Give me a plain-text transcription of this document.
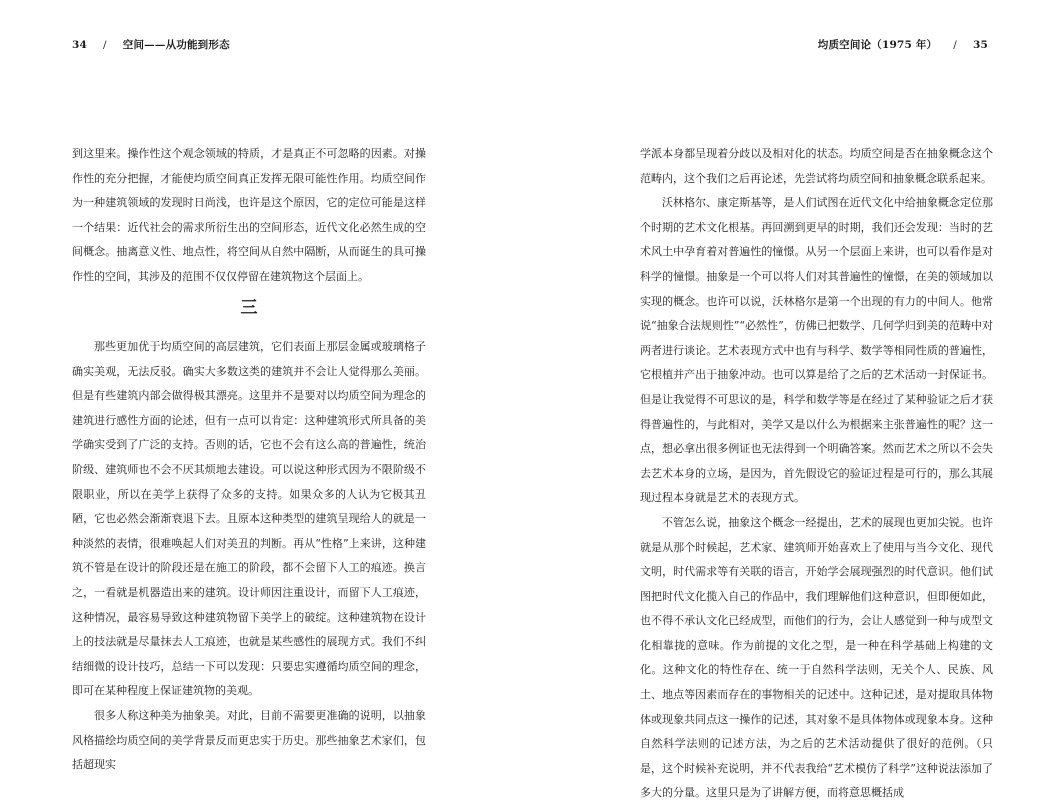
34 / 空间——从功能到形态

到这里来。操作性这个观念领域的特质，才是真正不可忽略的因素。对操作性的充分把握，才能使均质空间真正发挥无限可能性作用。均质空间作为一种建筑领域的发现时日尚浅，也许是这个原因，它的定位可能是这样一个结果：近代社会的需求所衍生出的空间形态，近代文化必然生成的空间概念。抽离意义性、地点性，将空间从自然中隔断，从而诞生的具可操作性的空间，其涉及的范围不仅仅停留在建筑物这个层面上。

三

那些更加优于均质空间的高层建筑，它们表面上那层金属或玻璃格子确实美观，无法反驳。确实大多数这类的建筑并不会让人觉得那么美丽。但是有些建筑内部会做得极其漂亮。这里并不是要对以均质空间为理念的建筑进行感性方面的论述，但有一点可以肯定：这种建筑形式所具备的美学确实受到了广泛的支持。否则的话，它也不会有这么高的普遍性，统治阶级、建筑师也不会不厌其烦地去建设。可以说这种形式因为不限阶级不限职业，所以在美学上获得了众多的支持。如果众多的人认为它极其丑陋，它也必然会渐渐衰退下去。且原本这种类型的建筑呈现给人的就是一种淡然的表情，很难唤起人们对美丑的判断。再从“性格”上来讲，这种建筑不管是在设计的阶段还是在施工的阶段，都不会留下人工的痕迹。换言之，一看就是机器造出来的建筑。设计师因注重设计，而留下人工痕迹，这种情况，最容易导致这种建筑物留下美学上的破绽。这种建筑物在设计上的技法就是尽量抹去人工痕迹，也就是某些感性的展现方式。我们不纠结细微的设计技巧，总结一下可以发现：只要忠实遵循均质空间的理念，即可在某种程度上保证建筑物的美观。

很多人称这种美为抽象美。对此，目前不需要更准确的说明，以抽象风格描绘均质空间的美学背景反而更忠实于历史。那些抽象艺术家们，包括超现实

均质空间论（1975 年） / 35

学派本身都呈现着分歧以及相对化的状态。均质空间是否在抽象概念这个范畴内，这个我们之后再论述，先尝试将均质空间和抽象概念联系起来。

沃林格尔、康定斯基等，是人们试图在近代文化中给抽象概念定位那个时期的艺术文化根基。再回溯到更早的时期，我们还会发现：当时的艺术风土中孕育着对普遍性的憧憬。从另一个层面上来讲，也可以看作是对科学的憧憬。抽象是一个可以将人们对其普遍性的憧憬，在美的领域加以实现的概念。也许可以说，沃林格尔是第一个出现的有力的中间人。他常说“抽象合法规则性”“必然性”，仿佛已把数学、几何学归到美的范畴中对两者进行谈论。艺术表现方式中也有与科学、数学等相同性质的普遍性，它根植并产出于抽象冲动。也可以算是给了之后的艺术活动一封保证书。但是让我觉得不可思议的是，科学和数学等是在经过了某种验证之后才获得普遍性的，与此相对，美学又是以什么为根据来主张普遍性的呢？这一点，想必拿出很多例证也无法得到一个明确答案。然而艺术之所以不会失去艺术本身的立场，是因为，首先假设它的验证过程是可行的，那么其展现过程本身就是艺术的表现方式。

不管怎么说，抽象这个概念一经提出，艺术的展现也更加尖锐。也许就是从那个时候起，艺术家、建筑师开始喜欢上了使用与当今文化、现代文明，时代需求等有关联的语言，开始学会展现强烈的时代意识。他们试图把时代文化揽入自己的作品中，我们理解他们这种意识，但即便如此，也不得不承认文化已经成型，而他们的行为，会让人感觉到一种与成型文化相靠拢的意味。作为前提的文化之型，是一种在科学基础上构建的文化。这种文化的特性存在、统一于自然科学法则，无关个人、民族、风土、地点等因素而存在的事物相关的记述中。这种记述，是对提取具体物体或现象共同点这一操作的记述，其对象不是具体物体或现象本身。这种自然科学法则的记述方法，为之后的艺术活动提供了很好的范例。（只是，这个时候补充说明，并不代表我给“艺术模仿了科学”这种说法添加了多大的分量。这里只是为了讲解方便，而将意思概括成
